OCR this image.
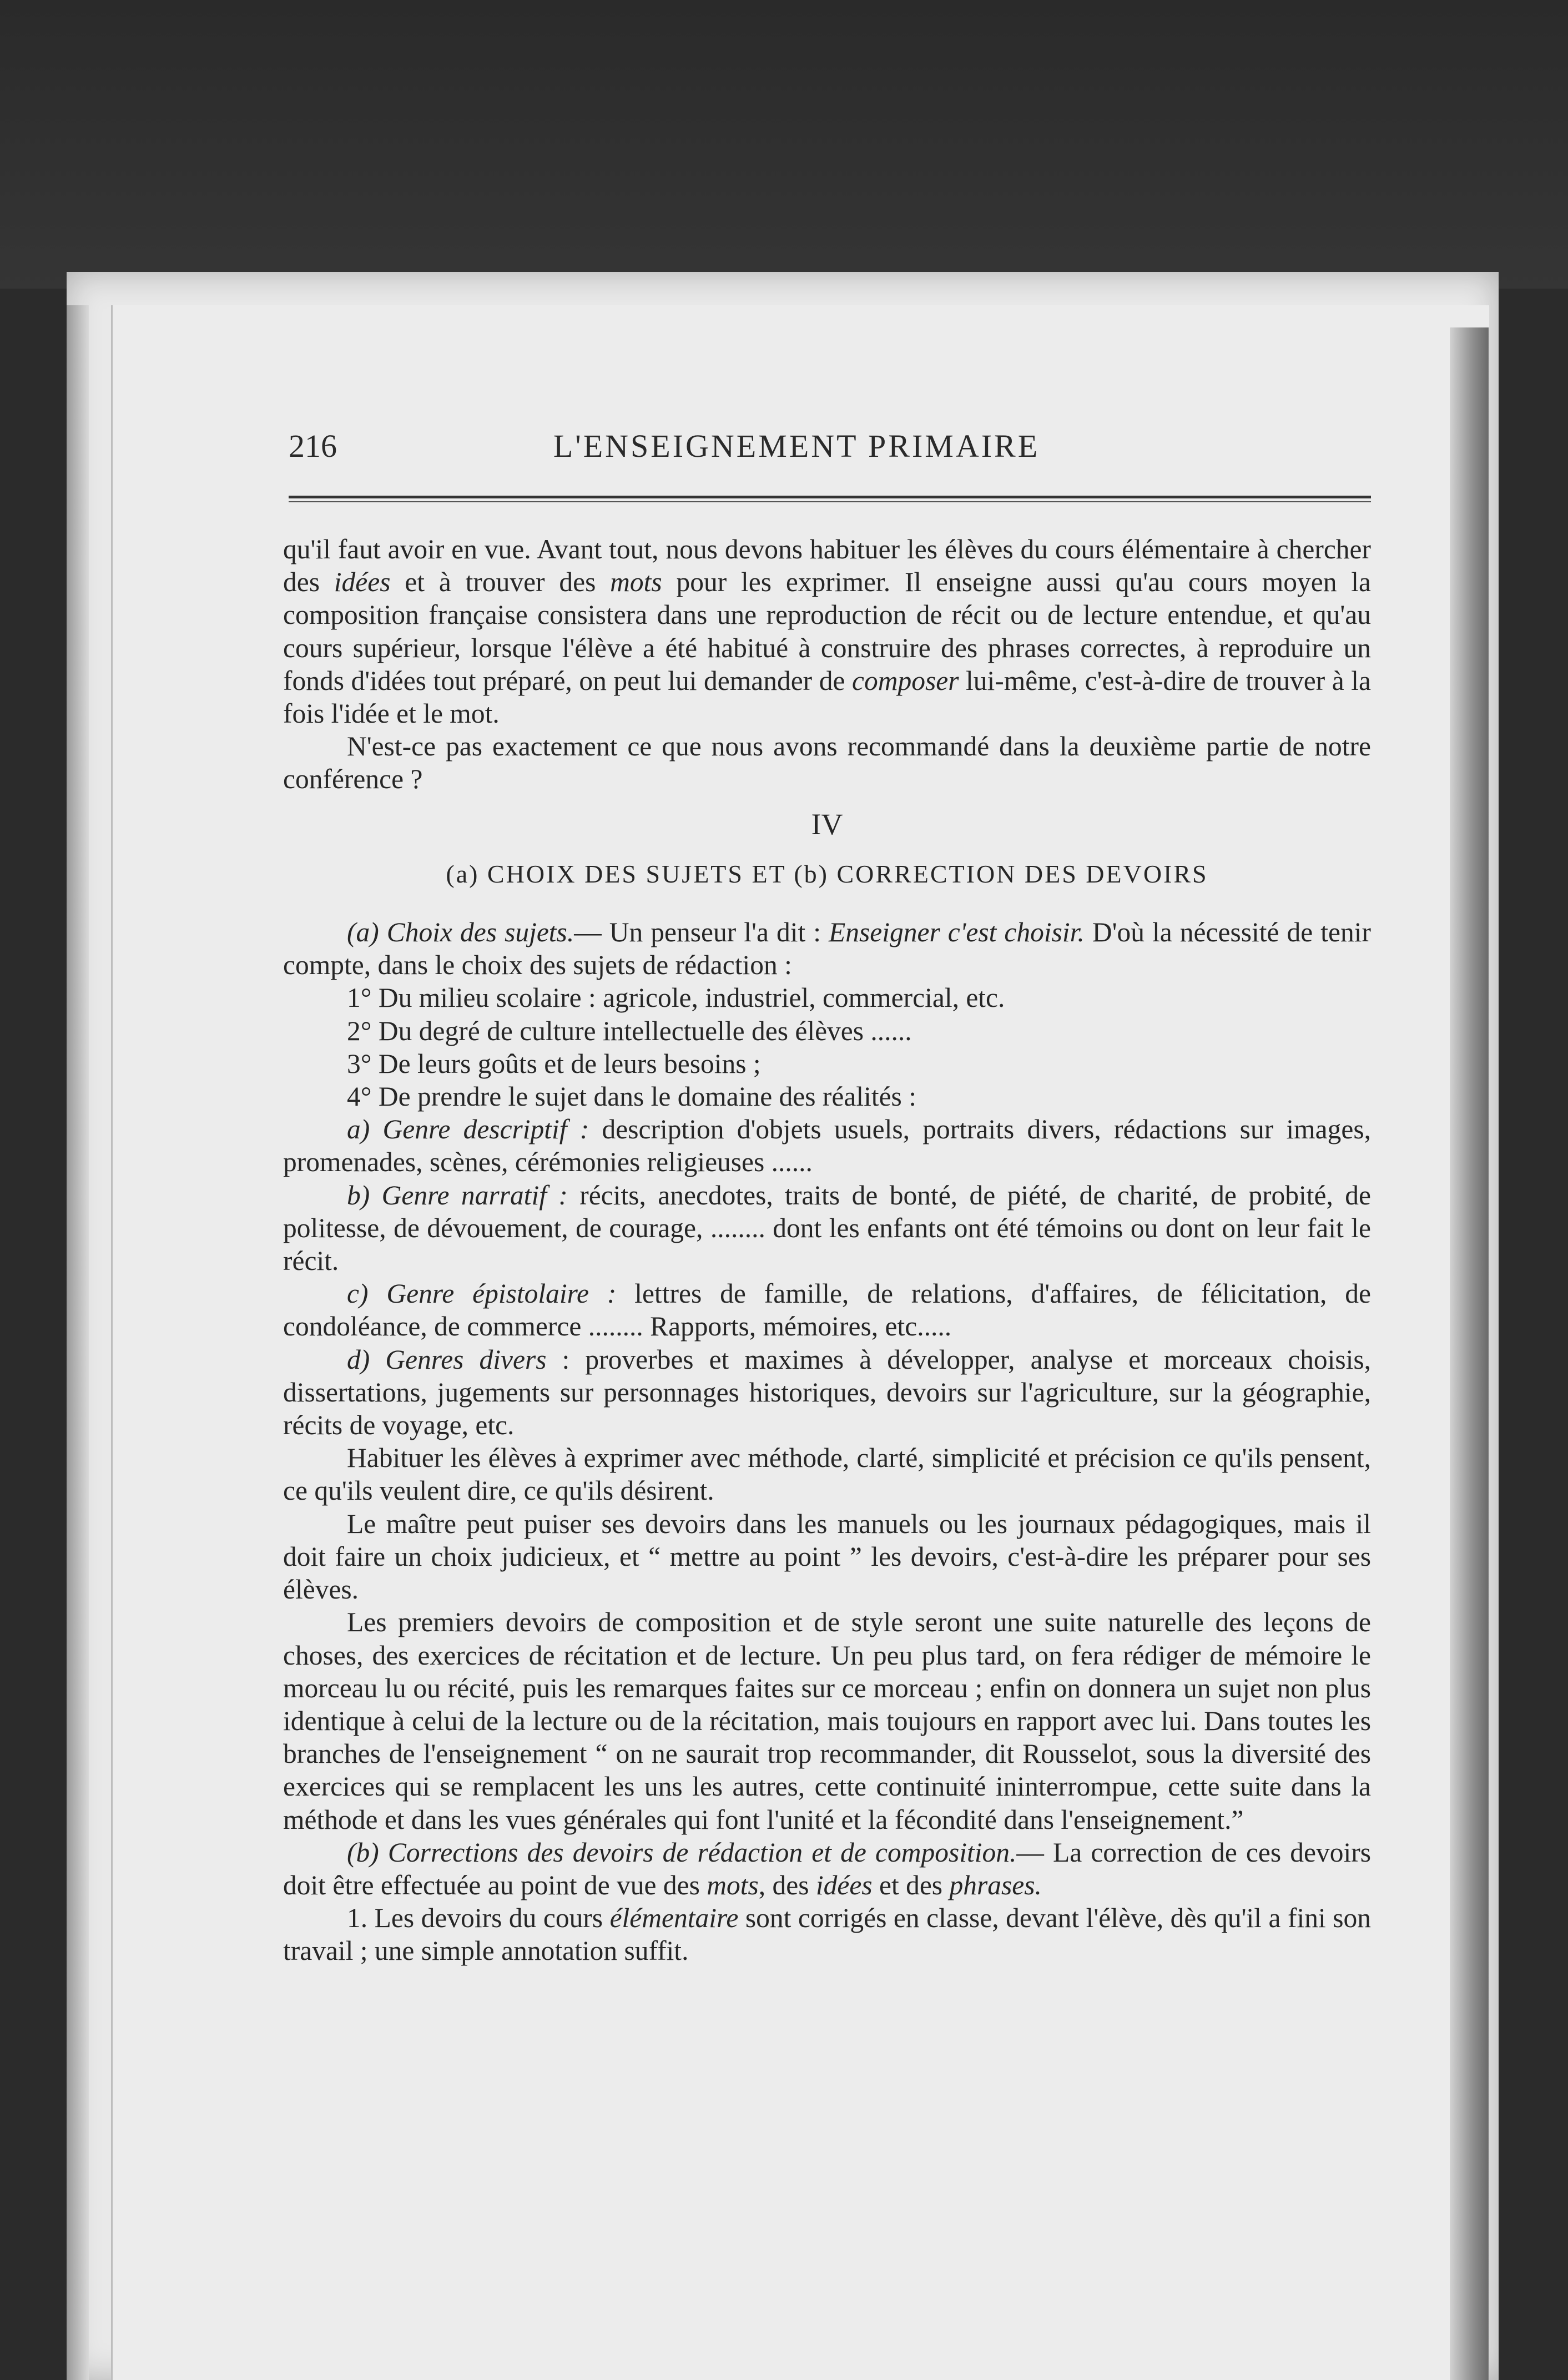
216	L'ENSEIGNEMENT PRIMAIRE

qu'il faut avoir en vue. Avant tout, nous devons habituer les élèves du cours élémentaire à chercher des idées et à trouver des mots pour les exprimer. Il enseigne aussi qu'au cours moyen la composition française consistera dans une reproduction de récit ou de lecture entendue, et qu'au cours supérieur, lorsque l'élève a été habitué à construire des phrases correctes, à reproduire un fonds d'idées tout préparé, on peut lui demander de composer lui-même, c'est-à-dire de trouver à la fois l'idée et le mot.

N'est-ce pas exactement ce que nous avons recommandé dans la deuxième partie de notre conférence ?

IV

(a) CHOIX DES SUJETS ET (b) CORRECTION DES DEVOIRS

(a) Choix des sujets.— Un penseur l'a dit : Enseigner c'est choisir. D'où la nécessité de tenir compte, dans le choix des sujets de rédaction :

1° Du milieu scolaire : agricole, industriel, commercial, etc.

2° Du degré de culture intellectuelle des élèves ......

3° De leurs goûts et de leurs besoins ;

4° De prendre le sujet dans le domaine des réalités :

a) Genre descriptif : description d'objets usuels, portraits divers, rédactions sur images, promenades, scènes, cérémonies religieuses ......

b) Genre narratif : récits, anecdotes, traits de bonté, de piété, de charité, de probité, de politesse, de dévouement, de courage, ........ dont les enfants ont été témoins ou dont on leur fait le récit.

c) Genre épistolaire : lettres de famille, de relations, d'affaires, de félicitation, de condoléance, de commerce ........ Rapports, mémoires, etc.....

d) Genres divers : proverbes et maximes à développer, analyse et morceaux choisis, dissertations, jugements sur personnages historiques, devoirs sur l'agriculture, sur la géographie, récits de voyage, etc.

Habituer les élèves à exprimer avec méthode, clarté, simplicité et précision ce qu'ils pensent, ce qu'ils veulent dire, ce qu'ils désirent.

Le maître peut puiser ses devoirs dans les manuels ou les journaux pédagogiques, mais il doit faire un choix judicieux, et “ mettre au point ” les devoirs, c'est-à-dire les préparer pour ses élèves.

Les premiers devoirs de composition et de style seront une suite naturelle des leçons de choses, des exercices de récitation et de lecture. Un peu plus tard, on fera rédiger de mémoire le morceau lu ou récité, puis les remarques faites sur ce morceau ; enfin on donnera un sujet non plus identique à celui de la lecture ou de la récitation, mais toujours en rapport avec lui. Dans toutes les branches de l'enseignement “ on ne saurait trop recommander, dit Rousselot, sous la diversité des exercices qui se remplacent les uns les autres, cette continuité ininterrompue, cette suite dans la méthode et dans les vues générales qui font l'unité et la fécondité dans l'enseignement.”

(b) Corrections des devoirs de rédaction et de composition.— La correction de ces devoirs doit être effectuée au point de vue des mots, des idées et des phrases.

1. Les devoirs du cours élémentaire sont corrigés en classe, devant l'élève, dès qu'il a fini son travail ; une simple annotation suffit.
